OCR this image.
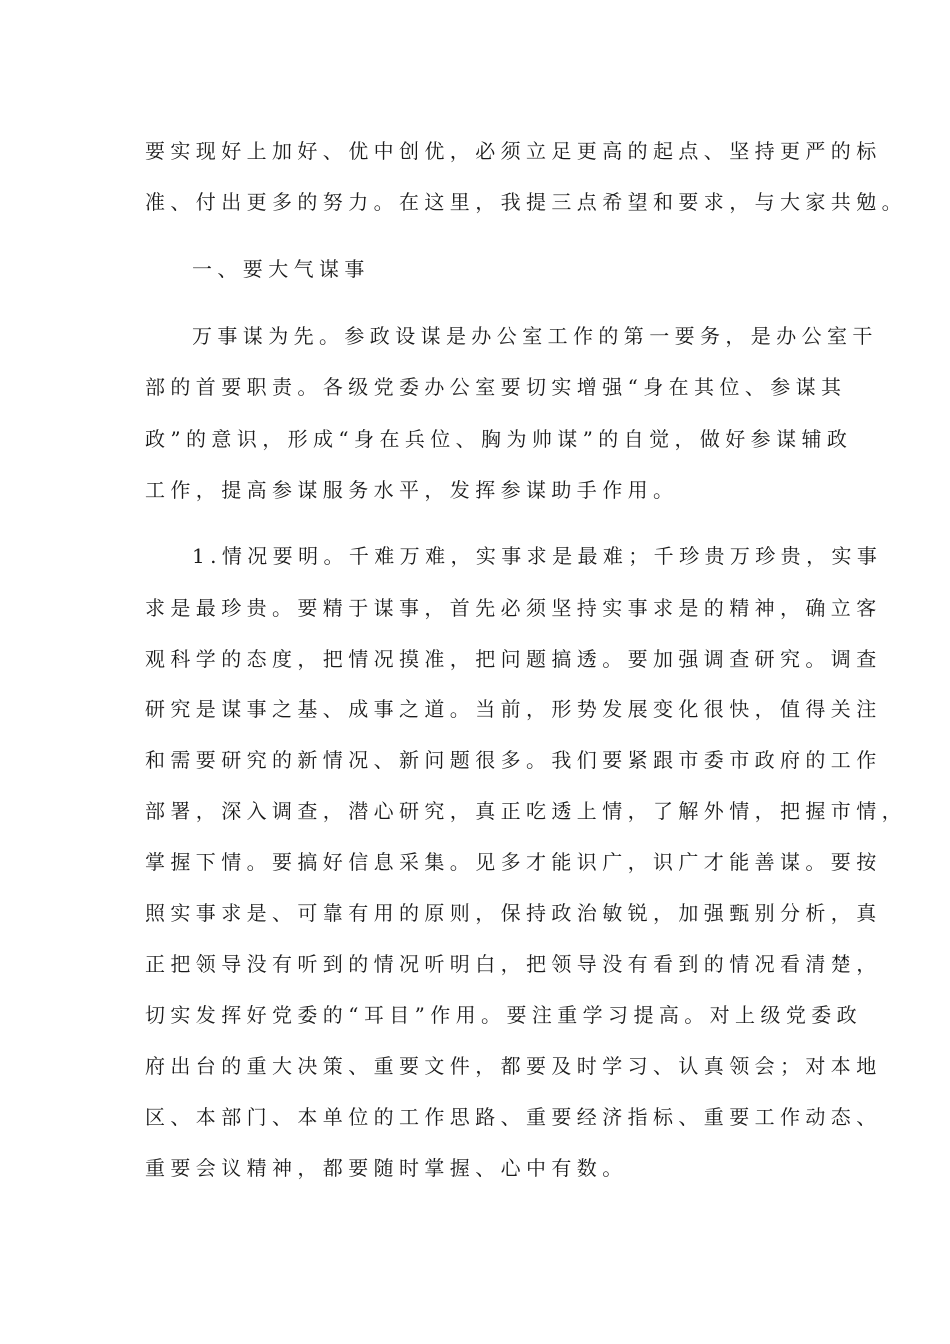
要实现好上加好、优中创优，必须立足更高的起点、坚持更严的标
准、付出更多的努力。在这里，我提三点希望和要求，与大家共勉。
一、要大气谋事
万事谋为先。参政设谋是办公室工作的第一要务，是办公室干
部的首要职责。各级党委办公室要切实增强“身在其位、参谋其
政”的意识，形成“身在兵位、胸为帅谋”的自觉，做好参谋辅政
工作，提高参谋服务水平，发挥参谋助手作用。
1.情况要明。千难万难，实事求是最难；千珍贵万珍贵，实事
求是最珍贵。要精于谋事，首先必须坚持实事求是的精神，确立客
观科学的态度，把情况摸准，把问题搞透。要加强调查研究。调查
研究是谋事之基、成事之道。当前，形势发展变化很快，值得关注
和需要研究的新情况、新问题很多。我们要紧跟市委市政府的工作
部署，深入调查，潜心研究，真正吃透上情，了解外情，把握市情，
掌握下情。要搞好信息采集。见多才能识广，识广才能善谋。要按
照实事求是、可靠有用的原则，保持政治敏锐，加强甄别分析，真
正把领导没有听到的情况听明白，把领导没有看到的情况看清楚，
切实发挥好党委的“耳目”作用。要注重学习提高。对上级党委政
府出台的重大决策、重要文件，都要及时学习、认真领会；对本地
区、本部门、本单位的工作思路、重要经济指标、重要工作动态、
重要会议精神，都要随时掌握、心中有数。
